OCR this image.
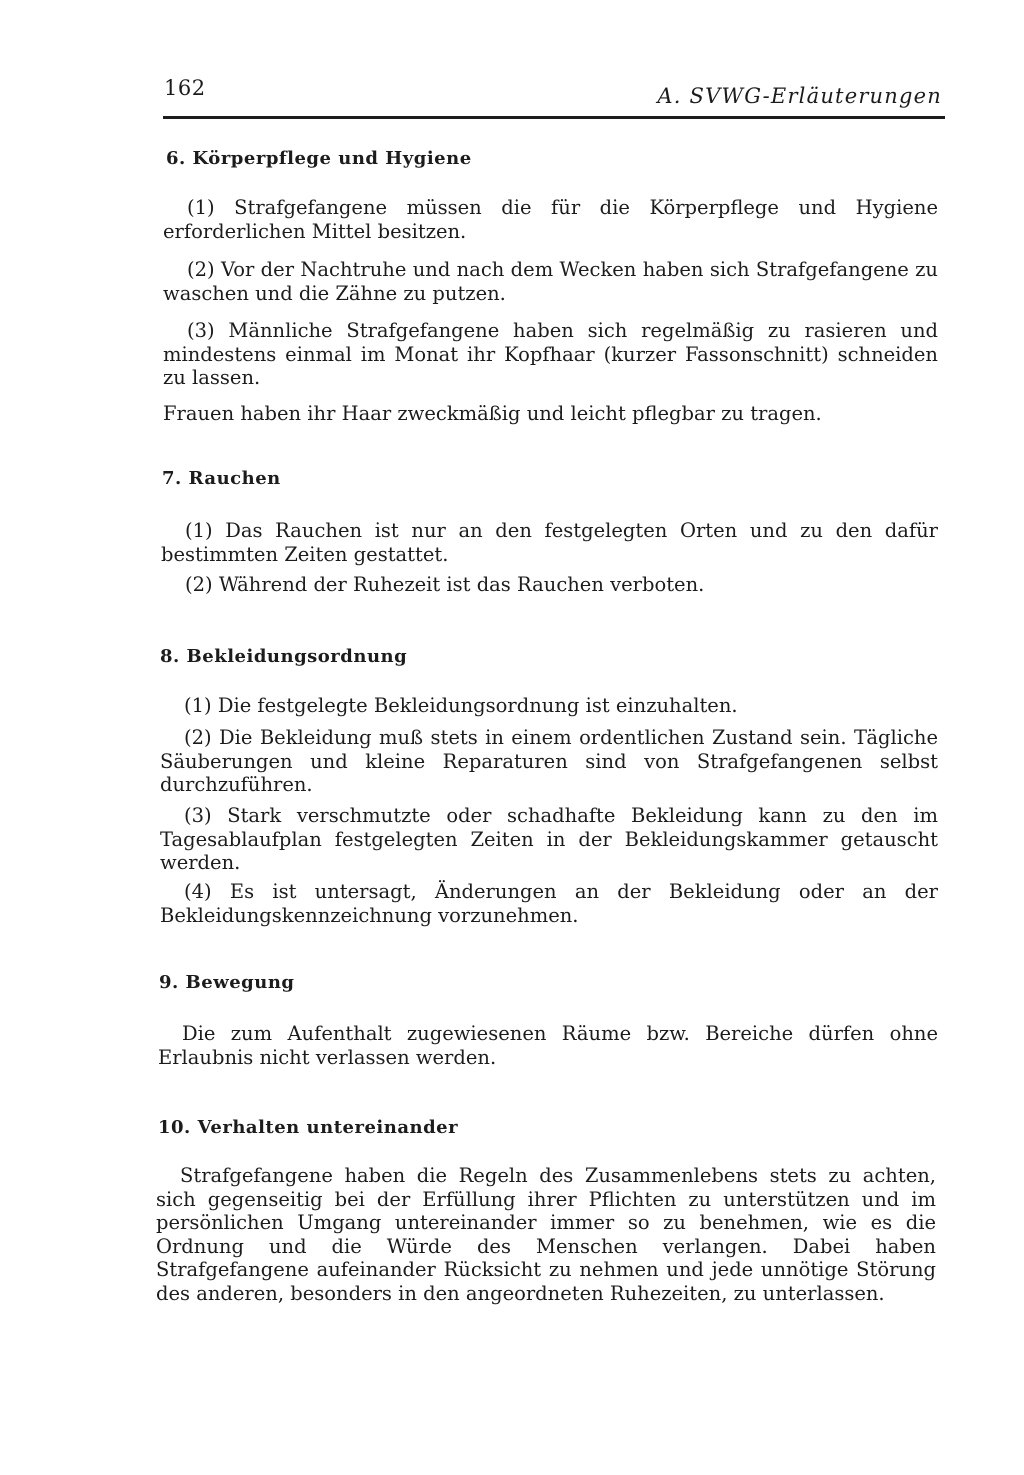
162	A. SVWG-Erläuterungen
6. Körperpflege und Hygiene

(1) Strafgefangene müssen die für die Körperpflege und Hygiene erforderlichen Mittel besitzen.

(2) Vor der Nachtruhe und nach dem Wecken haben sich Strafgefangene zu waschen und die Zähne zu putzen.

(3) Männliche Strafgefangene haben sich regelmäßig zu rasieren und mindestens einmal im Monat ihr Kopfhaar (kurzer Fassonschnitt) schneiden zu lassen.

Frauen haben ihr Haar zweckmäßig und leicht pflegbar zu tragen.

7. Rauchen

(1) Das Rauchen ist nur an den festgelegten Orten und zu den dafür bestimmten Zeiten gestattet.

(2) Während der Ruhezeit ist das Rauchen verboten.

8. Bekleidungsordnung

(1) Die festgelegte Bekleidungsordnung ist einzuhalten.

(2) Die Bekleidung muß stets in einem ordentlichen Zustand sein. Tägliche Säuberungen und kleine Reparaturen sind von Strafgefangenen selbst durchzuführen.

(3) Stark verschmutzte oder schadhafte Bekleidung kann zu den im Tagesablaufplan festgelegten Zeiten in der Bekleidungskammer getauscht werden.

(4) Es ist untersagt, Änderungen an der Bekleidung oder an der Bekleidungskennzeichnung vorzunehmen.

9. Bewegung

Die zum Aufenthalt zugewiesenen Räume bzw. Bereiche dürfen ohne Erlaubnis nicht verlassen werden.

10. Verhalten untereinander

Strafgefangene haben die Regeln des Zusammenlebens stets zu achten, sich gegenseitig bei der Erfüllung ihrer Pflichten zu unterstützen und im persönlichen Umgang untereinander immer so zu benehmen, wie es die Ordnung und die Würde des Menschen verlangen. Dabei haben Strafgefangene aufeinander Rücksicht zu nehmen und jede unnötige Störung des anderen, besonders in den angeordneten Ruhezeiten, zu unterlassen.
